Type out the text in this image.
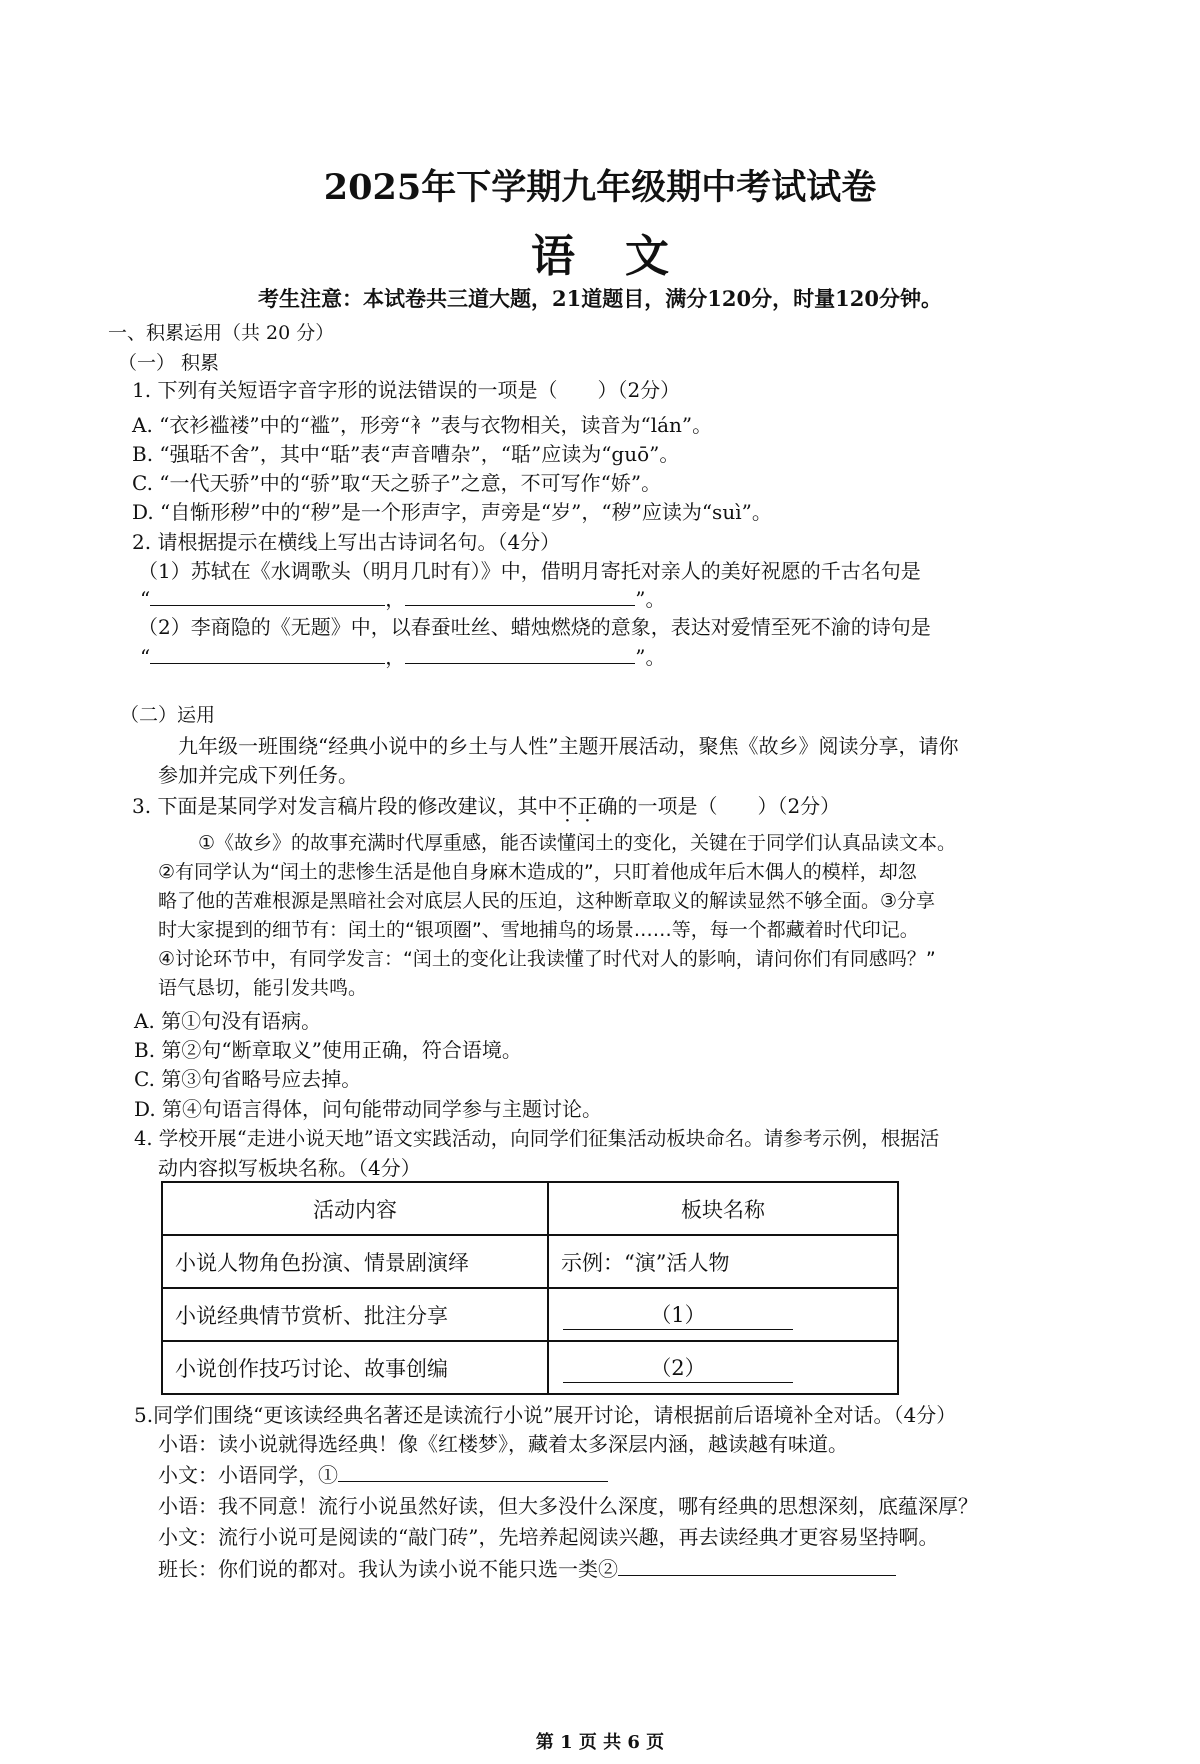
2025年下学期九年级期中考试试卷
语文
考生注意：本试卷共三道大题，21道题目，满分120分，时量120分钟。
一、积累运用（共 20 分）
（一） 积累
1. 下列有关短语字音字形的说法错误的一项是（　　）（2分）
A. “衣衫褴褛”中的“褴”，形旁“衤”表与衣物相关，读音为“lán”。
B. “强聒不舍”，其中“聒”表“声音嘈杂”，“聒”应读为“guō”。
C. “一代天骄”中的“骄”取“天之骄子”之意，不可写作“娇”。
D. “自惭形秽”中的“秽”是一个形声字，声旁是“岁”，“秽”应读为“suì”。
2. 请根据提示在横线上写出古诗词名句。（4分）
（1）苏轼在《水调歌头（明月几时有）》中，借明月寄托对亲人的美好祝愿的千古名句是
“	，	”。
（2）李商隐的《无题》中，以春蚕吐丝、蜡烛燃烧的意象，表达对爱情至死不渝的诗句是
“	，	”。
（二）运用
九年级一班围绕“经典小说中的乡土与人性”主题开展活动，聚焦《故乡》阅读分享，请你
参加并完成下列任务。
3. 下面是某同学对发言稿片段的修改建议，其中不正确的一项是（　　）（2分）
①《故乡》的故事充满时代厚重感，能否读懂闰土的变化，关键在于同学们认真品读文本。
②有同学认为“闰土的悲惨生活是他自身麻木造成的”，只盯着他成年后木偶人的模样，却忽
略了他的苦难根源是黑暗社会对底层人民的压迫，这种断章取义的解读显然不够全面。③分享
时大家提到的细节有：闰土的“银项圈”、雪地捕鸟的场景……等，每一个都藏着时代印记。
④讨论环节中，有同学发言：“闰土的变化让我读懂了时代对人的影响，请问你们有同感吗？”
语气恳切，能引发共鸣。
A. 第①句没有语病。
B. 第②句“断章取义”使用正确，符合语境。
C. 第③句省略号应去掉。
D. 第④句语言得体，问句能带动同学参与主题讨论。
4. 学校开展“走进小说天地”语文实践活动，向同学们征集活动板块命名。请参考示例，根据活
动内容拟写板块名称。（4分）
活动内容	板块名称
小说人物角色扮演、情景剧演绎	示例：“演”活人物
小说经典情节赏析、批注分享	（1）
小说创作技巧讨论、故事创编	（2）
5.同学们围绕“更该读经典名著还是读流行小说”展开讨论，请根据前后语境补全对话。（4分）
小语：读小说就得选经典！像《红楼梦》，藏着太多深层内涵，越读越有味道。
小文：小语同学，①
小语：我不同意！流行小说虽然好读，但大多没什么深度，哪有经典的思想深刻，底蕴深厚？
小文：流行小说可是阅读的“敲门砖”，先培养起阅读兴趣，再去读经典才更容易坚持啊。
班长：你们说的都对。我认为读小说不能只选一类②
第 1 页 共 6 页
